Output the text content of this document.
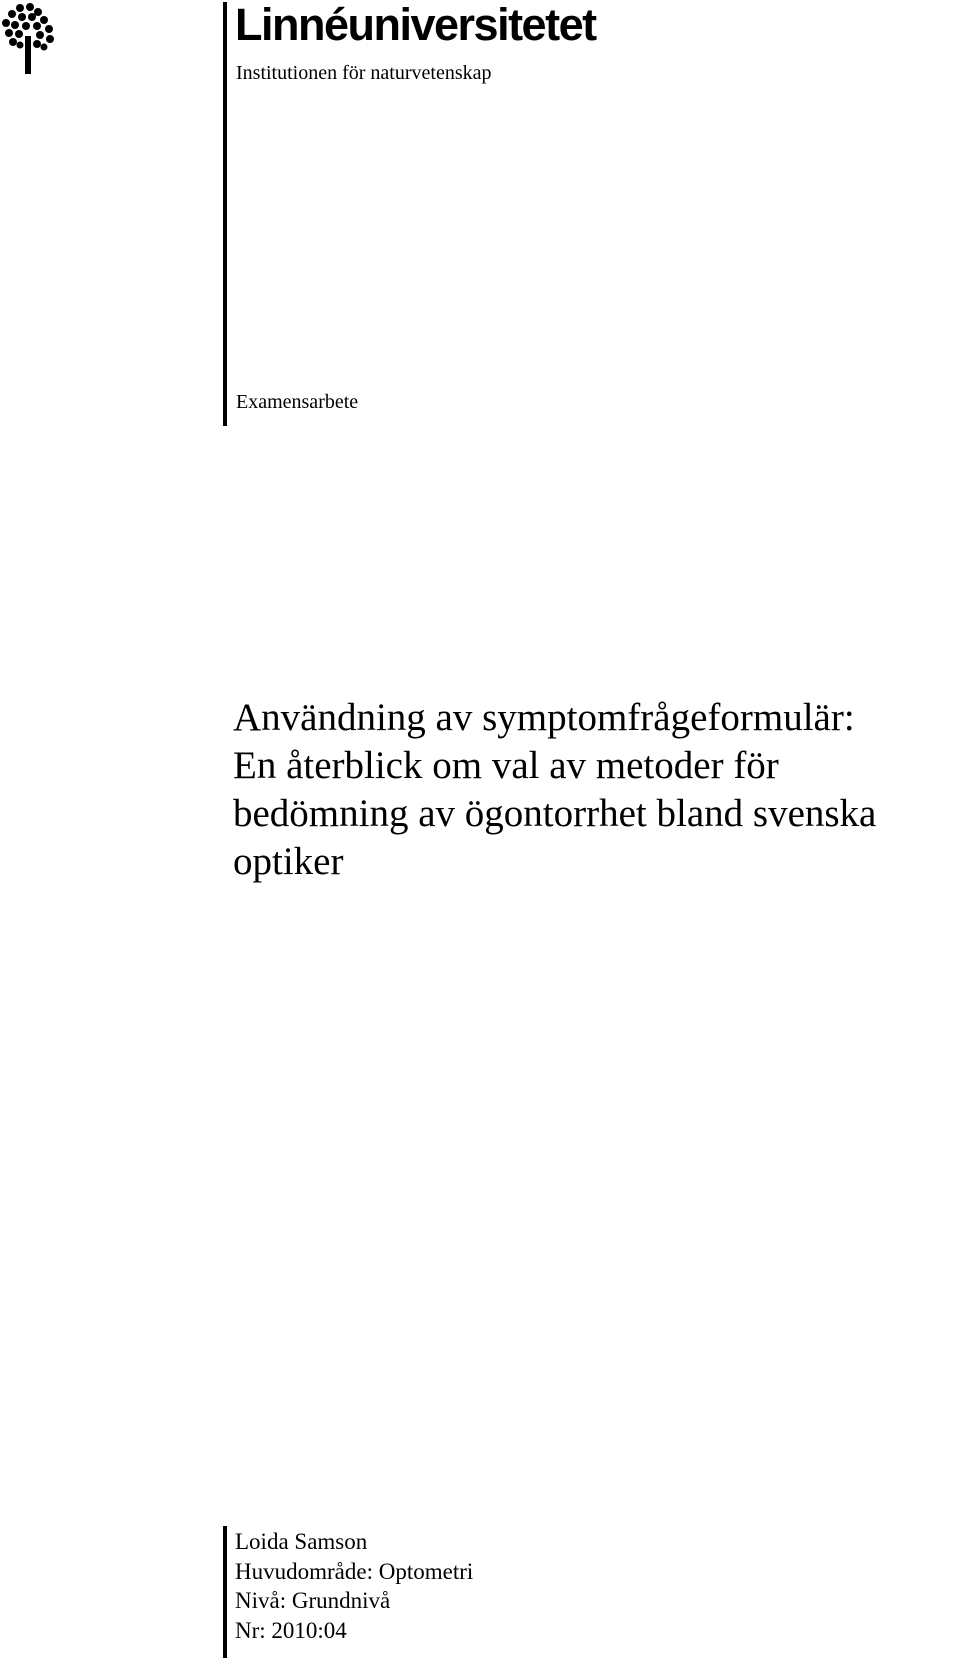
Linnéuniversitetet
Institutionen för naturvetenskap
Examensarbete
Användning av symptomfrågeformulär:
En återblick om val av metoder för
bedömning av ögontorrhet bland svenska
optiker
Loida Samson
Huvudområde: Optometri
Nivå: Grundnivå
Nr: 2010:04
